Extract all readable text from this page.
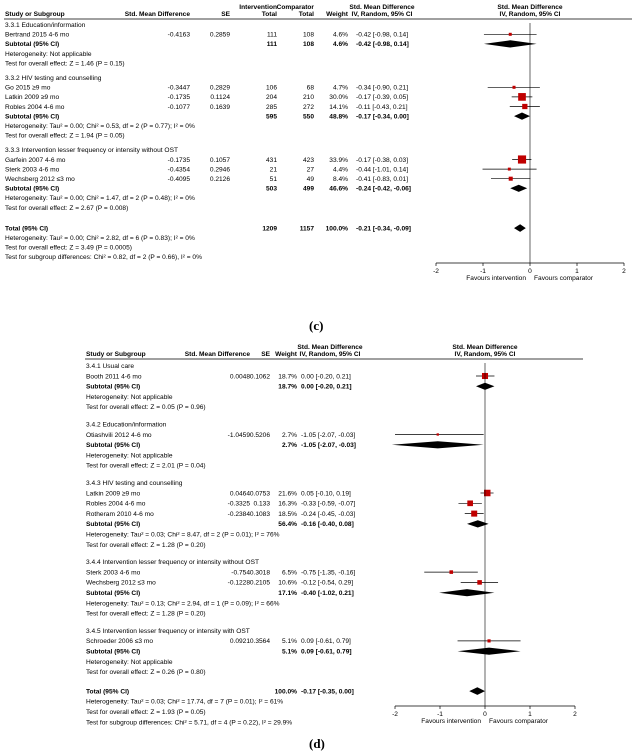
Study or Subgroup	Std. Mean Difference	SE
Intervention
Total
Comparator
Total Weight
Std. Mean Difference
IV, Random, 95% CI
Std. Mean Difference
IV, Random, 95% CI
3.3.1 Education/information
Bertrand 2015 4-6 mo	-0.4163	0.2859	111	108	4.6% -0.42 [-0.98, 0.14]
Subtotal (95% CI)	111	108	4.6% -0.42 [-0.98, 0.14]
Heterogeneity: Not applicable
Test for overall effect: Z = 1.46 (P = 0.15)
3.3.2 HIV testing and counselling
Go 2015 ≥9 mo	-0.3447	0.2829	106	68	4.7% -0.34 [-0.90, 0.21]
Latkin 2009 ≥9 mo	-0.1735	0.1124	204	210 30.0% -0.17 [-0.39, 0.05]
Robles 2004 4-6 mo	-0.1077	0.1639	285	272 14.1% -0.11 [-0.43, 0.21]
Subtotal (95% CI)	595	550 48.8% -0.17 [-0.34, 0.00]
Heterogeneity: Tau² = 0.00; Chi² = 0.53, df = 2 (P = 0.77); I² = 0%
Test for overall effect: Z = 1.94 (P = 0.05)
3.3.3 Intervention lesser frequency or intensity without OST
Garfein 2007 4-6 mo	-0.1735	0.1057	431	423 33.9% -0.17 [-0.38, 0.03]
Sterk 2003 4-6 mo	-0.4354	0.2946	21	27	4.4% -0.44 [-1.01, 0.14]
Wechsberg 2012 ≤3 mo	-0.4095	0.2126	51	49	8.4% -0.41 [-0.83, 0.01]
Subtotal (95% CI)	503	499 46.6% -0.24 [-0.42, -0.06]
Heterogeneity: Tau² = 0.00; Chi² = 1.47, df = 2 (P = 0.48); I² = 0%
Test for overall effect: Z = 2.67 (P = 0.008)
Total (95% CI)	1209	1157 100.0% -0.21 [-0.34, -0.09]
Heterogeneity: Tau² = 0.00; Chi² = 2.82, df = 6 (P = 0.83); I² = 0%
Test for overall effect: Z = 3.49 (P = 0.0005)
Test for subgroup differences: Chi² = 0.82, df = 2 (P = 0.66), I² = 0%
-2	-1	0	1	2
Favours intervention Favours comparator
(c)
Study or Subgroup	Std. Mean Difference SE Weight
Std. Mean Difference
IV, Random, 95% CI
Std. Mean Difference
IV, Random, 95% CI
3.4.1 Usual care
Booth 2011 4-6 mo	0.0048 0.1062 18.7% 0.00 [-0.20, 0.21]
Subtotal (95% CI)	18.7% 0.00 [-0.20, 0.21]
Heterogeneity: Not applicable
Test for overall effect: Z = 0.05 (P = 0.96)
3.4.2 Education/information
Otiashvili 2012 4-6 mo	-1.0459 0.5206 2.7% -1.05 [-2.07, -0.03]
Subtotal (95% CI)	2.7% -1.05 [-2.07, -0.03]
Heterogeneity: Not applicable
Test for overall effect: Z = 2.01 (P = 0.04)
3.4.3 HIV testing and counselling
Latkin 2009 ≥9 mo	0.0464 0.0753 21.6% 0.05 [-0.10, 0.19]
Robles 2004 4-6 mo	-0.3325 0.133 16.3% -0.33 [-0.59, -0.07]
Rotheram 2010 4-6 mo	-0.2384 0.1083 18.5% -0.24 [-0.45, -0.03]
Subtotal (95% CI)	56.4% -0.16 [-0.40, 0.08]
Heterogeneity: Tau² = 0.03; Chi² = 8.47, df = 2 (P = 0.01); I² = 76%
Test for overall effect: Z = 1.28 (P = 0.20)
3.4.4 Intervention lesser frequency or intensity without OST
Sterk 2003 4-6 mo	-0.754 0.3018 6.5% -0.75 [-1.35, -0.16]
Wechsberg 2012 ≤3 mo	-0.1228 0.2105 10.6% -0.12 [-0.54, 0.29]
Subtotal (95% CI)	17.1% -0.40 [-1.02, 0.21]
Heterogeneity: Tau² = 0.13; Chi² = 2.94, df = 1 (P = 0.09); I² = 66%
Test for overall effect: Z = 1.28 (P = 0.20)
3.4.5 Intervention lesser frequency or intensity with OST
Schroeder 2006 ≤3 mo	0.0921 0.3564 5.1% 0.09 [-0.61, 0.79]
Subtotal (95% CI)	5.1% 0.09 [-0.61, 0.79]
Heterogeneity: Not applicable
Test for overall effect: Z = 0.26 (P = 0.80)
Total (95% CI)	100.0% -0.17 [-0.35, 0.00]
Heterogeneity: Tau² = 0.03; Chi² = 17.74, df = 7 (P = 0.01); I² = 61%
Test for overall effect: Z = 1.93 (P = 0.05)
Test for subgroup differences: Chi² = 5.71, df = 4 (P = 0.22), I² = 29.9%
-2	-1	0	1	2
Favours intervention Favours comparator
(d)
